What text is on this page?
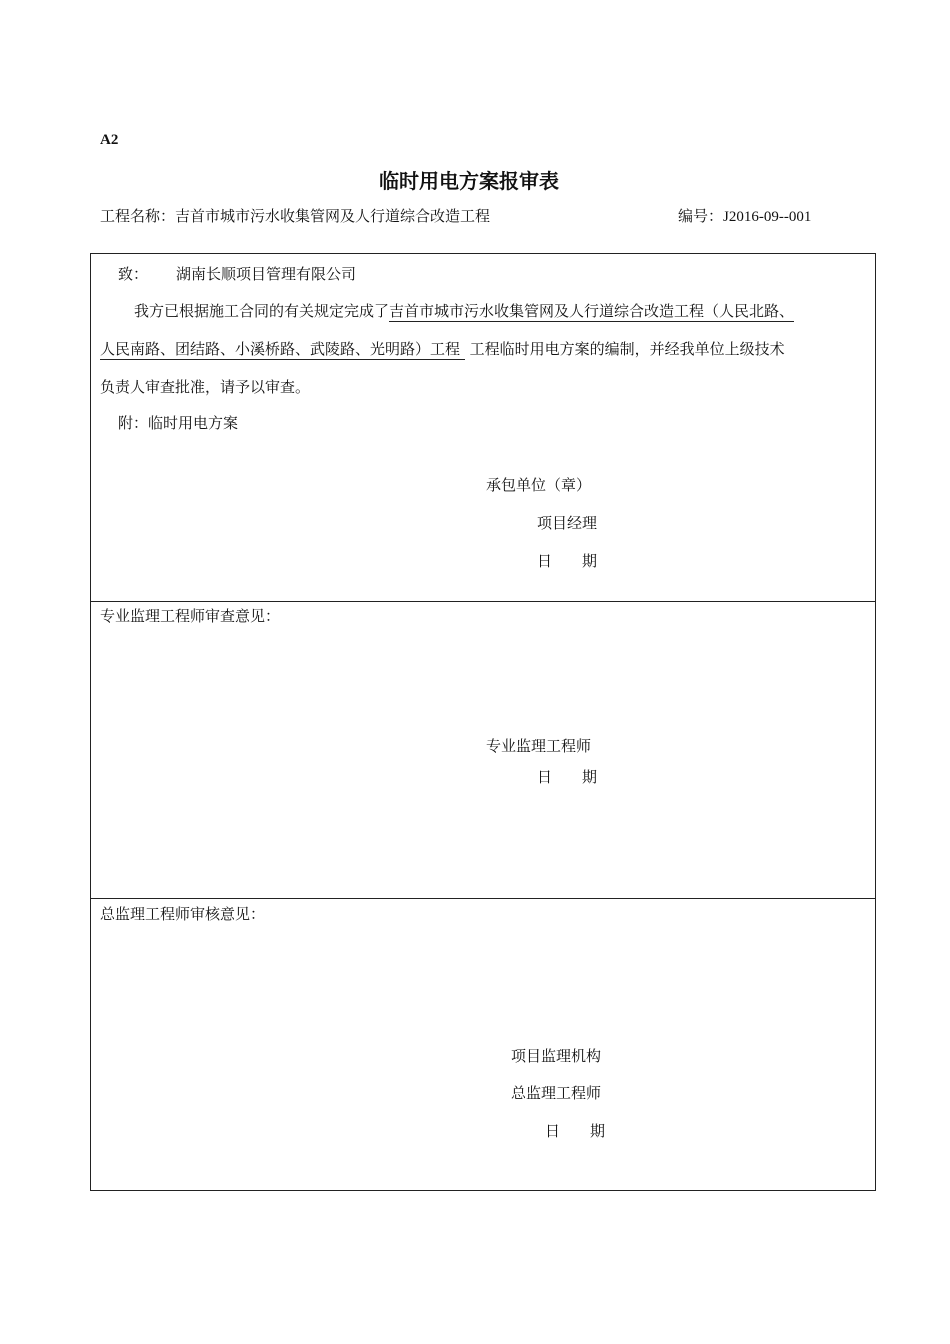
A2
临时用电方案报审表
工程名称：吉首市城市污水收集管网及人行道综合改造工程	编号：J2016-09--001
致： 湖南长顺项目管理有限公司
我方已根据施工合同的有关规定完成了吉首市城市污水收集管网及人行道综合改造工程（人民北路、
人民南路、团结路、小溪桥路、武陵路、光明路）工程 工程临时用电方案的编制，并经我单位上级技术
负责人审查批准，请予以审查。
附：临时用电方案
承包单位（章）
项目经理
日 期
专业监理工程师审查意见：
专业监理工程师
日 期
总监理工程师审核意见：
项目监理机构
总监理工程师
日 期
